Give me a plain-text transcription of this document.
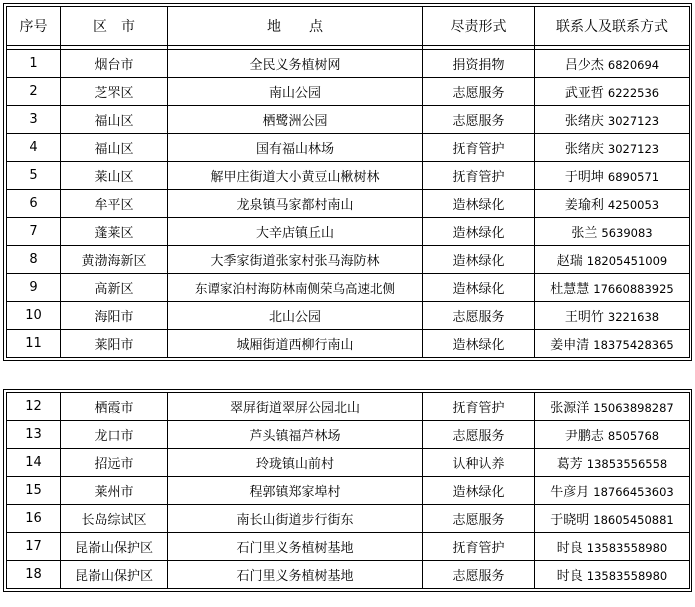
序号	区　市	地　　点	尽责形式	联系人及联系方式

1	烟台市	全民义务植树网	捐资捐物	吕少杰 6820694
2	芝罘区	南山公园	志愿服务	武亚哲 6222536
3	福山区	栖鹭洲公园	志愿服务	张绪庆 3027123
4	福山区	国有福山林场	抚育管护	张绪庆 3027123
5	莱山区	解甲庄街道大小黄豆山楸树林	抚育管护	于明坤 6890571
6	牟平区	龙泉镇马家都村南山	造林绿化	姜瑜利 4250053
7	蓬莱区	大辛店镇丘山	造林绿化	张兰 5639083
8	黄渤海新区	大季家街道张家村张马海防林	造林绿化	赵瑞 18205451009
9	高新区	东谭家泊村海防林南侧荣乌高速北侧	造林绿化	杜慧慧 17660883925
10	海阳市	北山公园	志愿服务	王明竹 3221638
11	莱阳市	城厢街道西柳行南山	造林绿化	姜申清 18375428365
12	栖霞市	翠屏街道翠屏公园北山	抚育管护	张源洋 15063898287
13	龙口市	芦头镇福芦林场	志愿服务	尹鹏志 8505768
14	招远市	玲珑镇山前村	认种认养	葛芳 13853556558
15	莱州市	程郭镇郑家埠村	造林绿化	牛彦月 18766453603
16	长岛综试区	南长山街道步行街东	志愿服务	于晓明 18605450881
17	昆嵛山保护区	石门里义务植树基地	抚育管护	时良 13583558980
18	昆嵛山保护区	石门里义务植树基地	志愿服务	时良 13583558980
